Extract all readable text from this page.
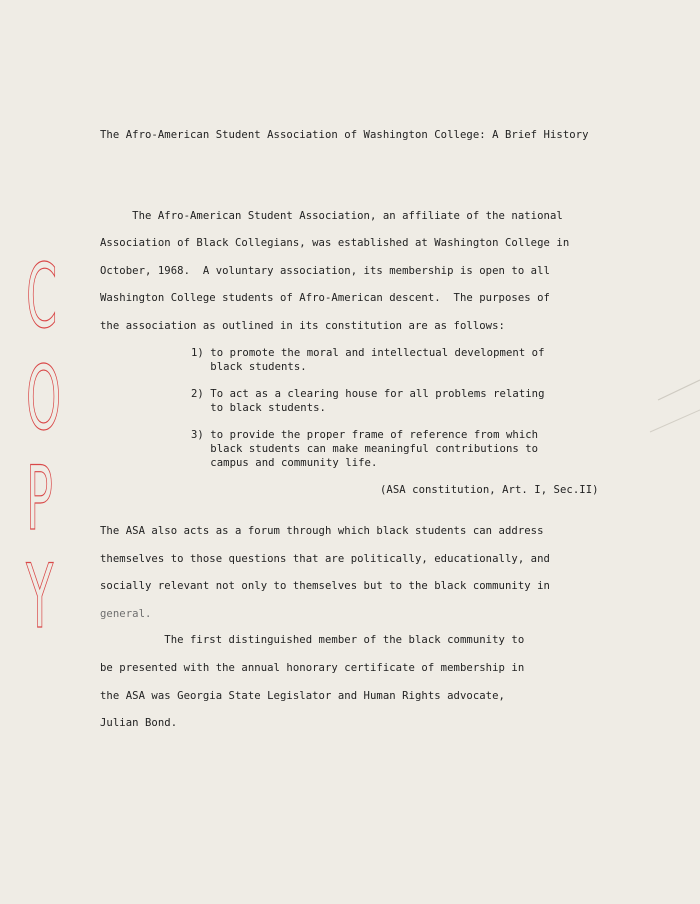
C
O
P
Y
The Afro-American Student Association of Washington College: A Brief History
The Afro-American Student Association, an affiliate of the national
Association of Black Collegians, was established at Washington College in
October, 1968.  A voluntary association, its membership is open to all
Washington College students of Afro-American descent.  The purposes of
the association as outlined in its constitution are as follows:
1) to promote the moral and intellectual development of
black students.
2) To act as a clearing house for all problems relating
to black students.
3) to provide the proper frame of reference from which
black students can make meaningful contributions to
campus and community life.
(ASA constitution, Art. I, Sec.II)
The ASA also acts as a forum through which black students can address
themselves to those questions that are politically, educationally, and
socially relevant not only to themselves but to the black community in
general.
The first distinguished member of the black community to
be presented with the annual honorary certificate of membership in
the ASA was Georgia State Legislator and Human Rights advocate,
Julian Bond.
